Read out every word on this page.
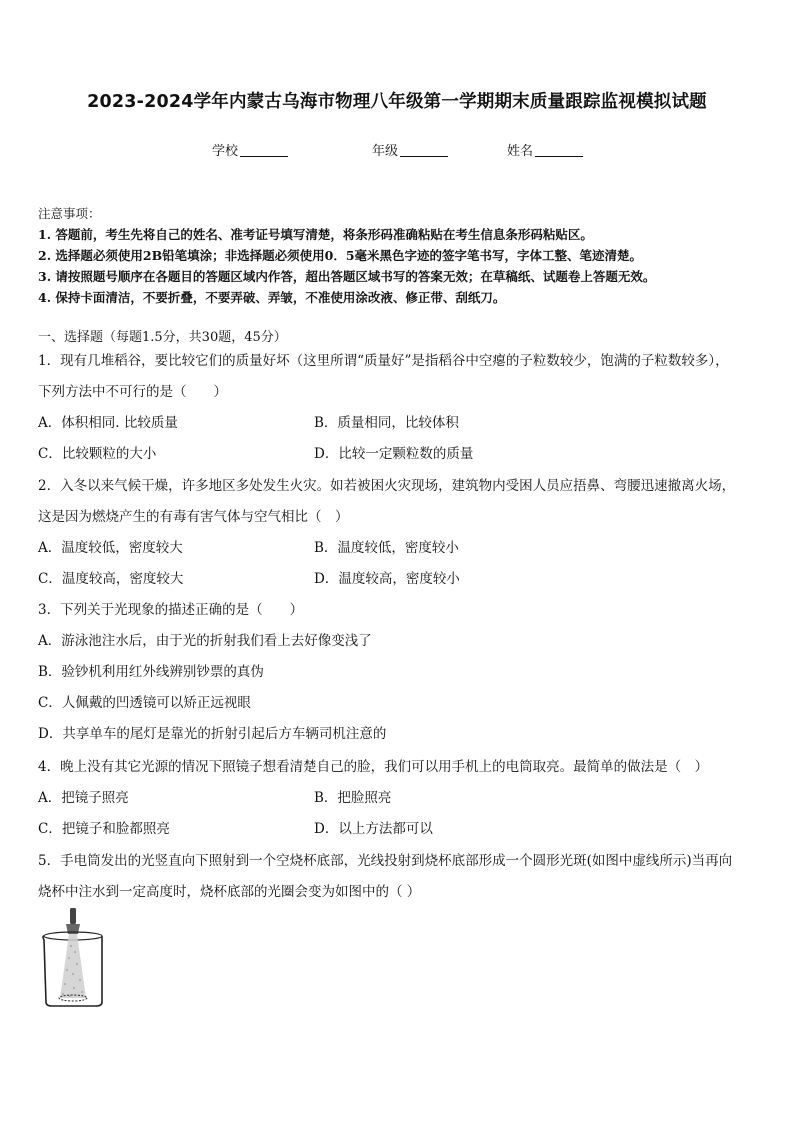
2023-2024学年内蒙古乌海市物理八年级第一学期期末质量跟踪监视模拟试题
学校	年级	姓名
注意事项：
1. 答题前，考生先将自己的姓名、准考证号填写清楚，将条形码准确粘贴在考生信息条形码粘贴区。
2. 选择题必须使用2B铅笔填涂；非选择题必须使用0．5毫米黑色字迹的签字笔书写，字体工整、笔迹清楚。
3. 请按照题号顺序在各题目的答题区域内作答，超出答题区域书写的答案无效；在草稿纸、试题卷上答题无效。
4. 保持卡面清洁，不要折叠，不要弄破、弄皱，不准使用涂改液、修正带、刮纸刀。
一、选择题（每题1.5分，共30题，45分）
1．现有几堆稻谷，要比较它们的质量好坏（这里所谓“质量好”是指稻谷中空瘪的子粒数较少，饱满的子粒数较多），
下列方法中不可行的是（　　）
A．体积相同. 比较质量	B．质量相同，比较体积
C．比较颗粒的大小	D．比较一定颗粒数的质量
2．入冬以来气候干燥，许多地区多处发生火灾。如若被困火灾现场，建筑物内受困人员应捂鼻、弯腰迅速撤离火场，
这是因为燃烧产生的有毒有害气体与空气相比（　）
A．温度较低，密度较大	B．温度较低，密度较小
C．温度较高，密度较大	D．温度较高，密度较小
3．下列关于光现象的描述正确的是（　　）
A．游泳池注水后，由于光的折射我们看上去好像变浅了
B．验钞机利用红外线辨别钞票的真伪
C．人佩戴的凹透镜可以矫正远视眼
D．共享单车的尾灯是靠光的折射引起后方车辆司机注意的
4．晚上没有其它光源的情况下照镜子想看清楚自己的脸，我们可以用手机上的电筒取亮。最简单的做法是（　）
A．把镜子照亮	B．把脸照亮
C．把镜子和脸都照亮	D．以上方法都可以
5．手电筒发出的光竖直向下照射到一个空烧杯底部，光线投射到烧杯底部形成一个圆形光斑(如图中虚线所示)当再向
烧杯中注水到一定高度时，烧杯底部的光圈会变为如图中的（ ）
